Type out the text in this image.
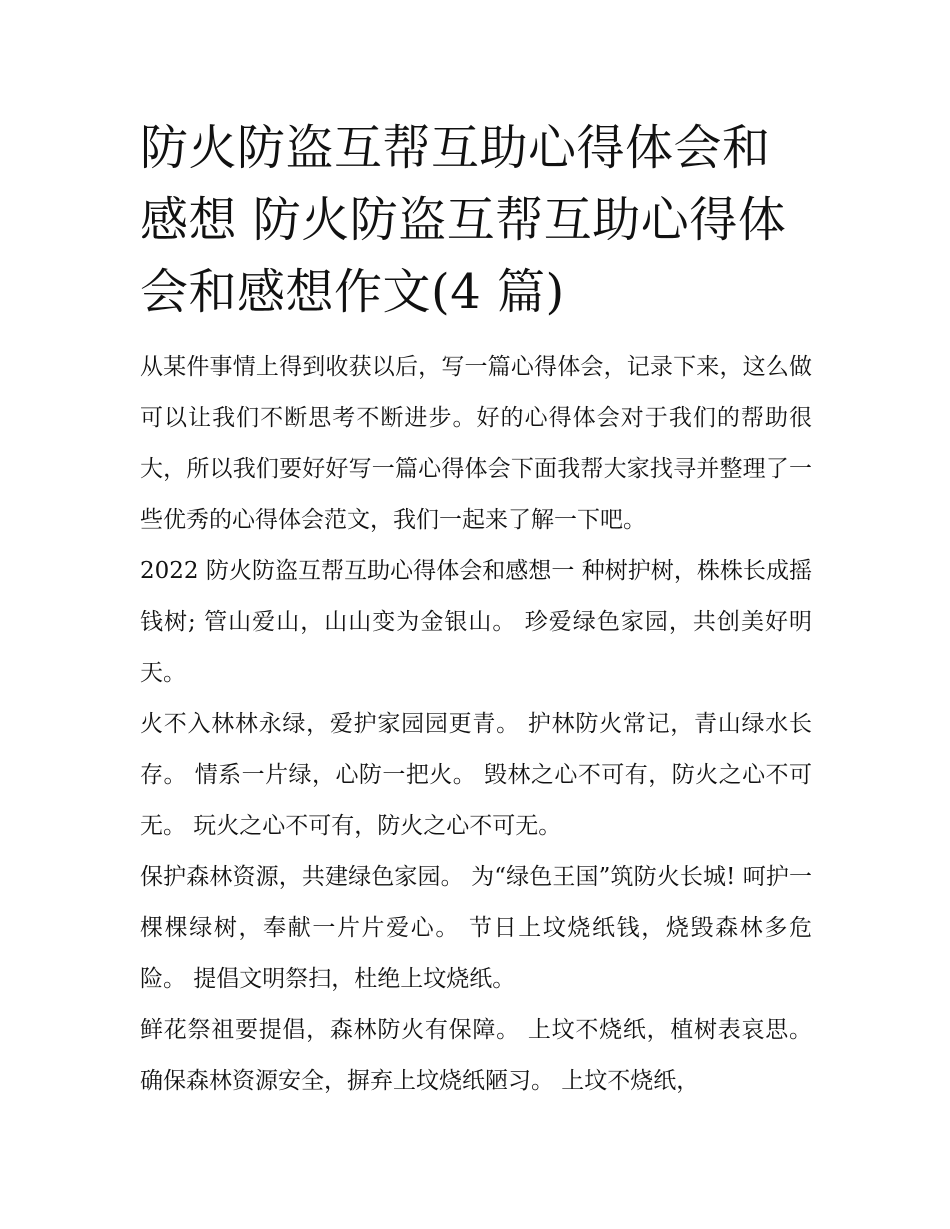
防火防盗互帮互助心得体会和感想 防火防盗互帮互助心得体会和感想作文(4 篇)

从某件事情上得到收获以后，写一篇心得体会，记录下来，这么做可以让我们不断思考不断进步。好的心得体会对于我们的帮助很大，所以我们要好好写一篇心得体会下面我帮大家找寻并整理了一些优秀的心得体会范文，我们一起来了解一下吧。

2022 防火防盗互帮互助心得体会和感想一 种树护树，株株长成摇钱树; 管山爱山，山山变为金银山。 珍爱绿色家园，共创美好明天。

火不入林林永绿，爱护家园园更青。 护林防火常记，青山绿水长存。 情系一片绿，心防一把火。 毁林之心不可有，防火之心不可无。 玩火之心不可有，防火之心不可无。

保护森林资源，共建绿色家园。 为“绿色王国”筑防火长城! 呵护一棵棵绿树，奉献一片片爱心。 节日上坟烧纸钱，烧毁森林多危险。 提倡文明祭扫，杜绝上坟烧纸。

鲜花祭祖要提倡，森林防火有保障。 上坟不烧纸，植树表哀思。 确保森林资源安全，摒弃上坟烧纸陋习。 上坟不烧纸，
